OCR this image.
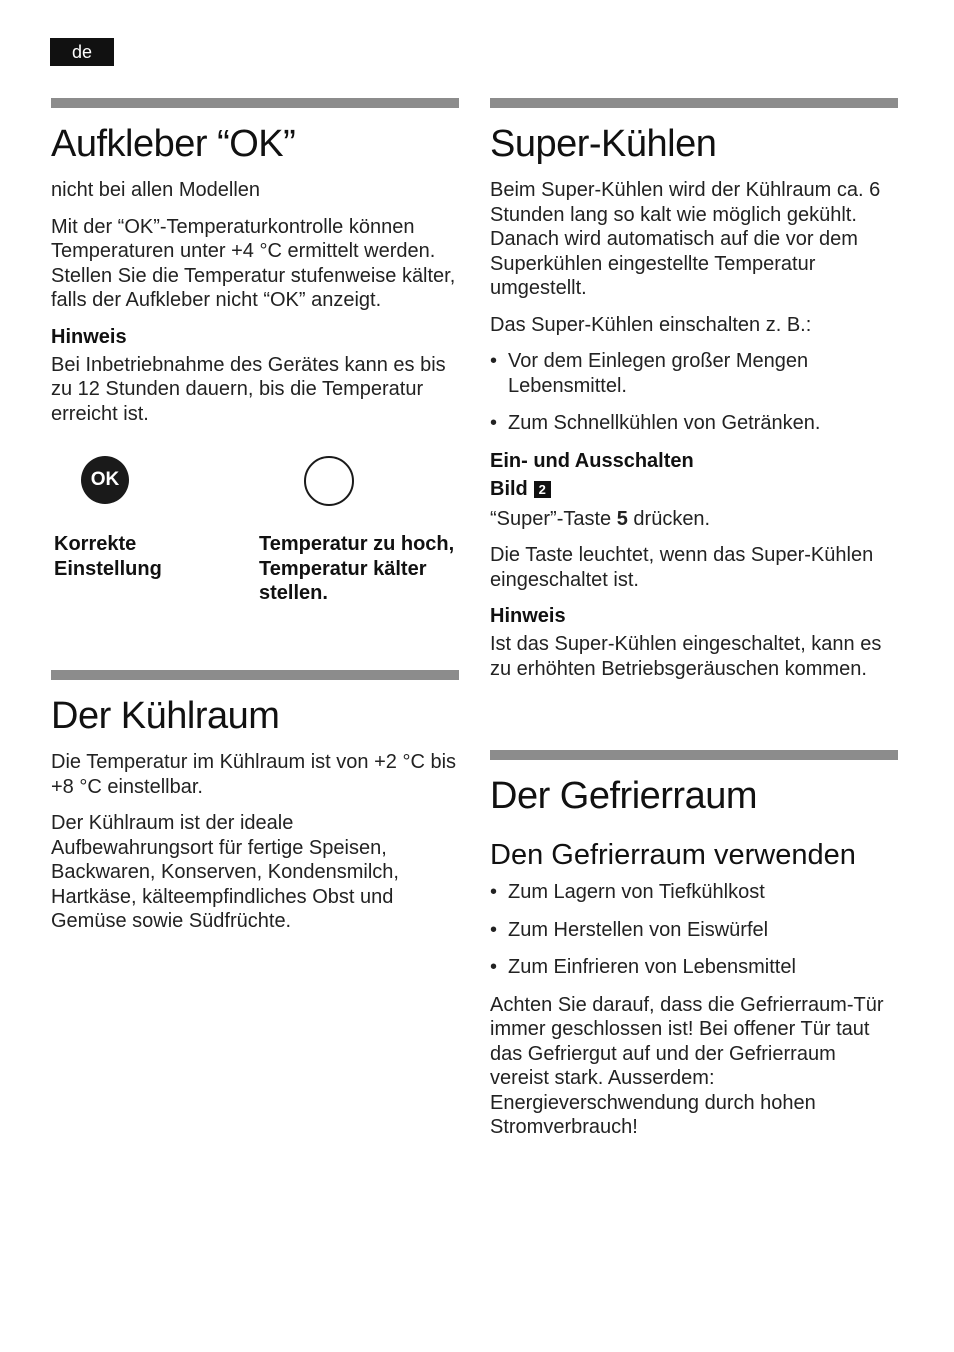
de
Aufkleber “OK”

nicht bei allen Modellen

Mit der “OK”-Temperaturkontrolle können Temperaturen unter +4 °C ermittelt werden. Stellen Sie die Temperatur stufenweise kälter, falls der Aufkleber nicht “OK” anzeigt.

Hinweis

Bei Inbetriebnahme des Gerätes kann es bis zu 12 Stunden dauern, bis die Temperatur erreicht ist.

OK
Korrekte Einstellung
Temperatur zu hoch, Temperatur kälter stellen.
Der Kühlraum

Die Temperatur im Kühlraum ist von +2 °C bis +8 °C einstellbar.

Der Kühlraum ist der ideale Aufbewahrungsort für fertige Speisen, Backwaren, Konserven, Kondensmilch, Hartkäse, kälteempfindliches Obst und Gemüse sowie Südfrüchte.

Super-Kühlen

Beim Super-Kühlen wird der Kühlraum ca. 6 Stunden lang so kalt wie möglich gekühlt. Danach wird automatisch auf die vor dem Superkühlen eingestellte Temperatur umgestellt.

Das Super-Kühlen einschalten z. B.:

• Vor dem Einlegen großer Mengen Lebensmittel.
• Zum Schnellkühlen von Getränken.
Ein- und Ausschalten
Bild 2

“Super”-Taste 5 drücken.

Die Taste leuchtet, wenn das Super-Kühlen eingeschaltet ist.

Hinweis

Ist das Super-Kühlen eingeschaltet, kann es zu erhöhten Betriebsgeräuschen kommen.

Der Gefrierraum
Den Gefrierraum verwenden
• Zum Lagern von Tiefkühlkost
• Zum Herstellen von Eiswürfel
• Zum Einfrieren von Lebensmittel

Achten Sie darauf, dass die Gefrierraum-Tür immer geschlossen ist! Bei offener Tür taut das Gefriergut auf und der Gefrierraum vereist stark. Ausserdem: Energieverschwendung durch hohen Stromverbrauch!
